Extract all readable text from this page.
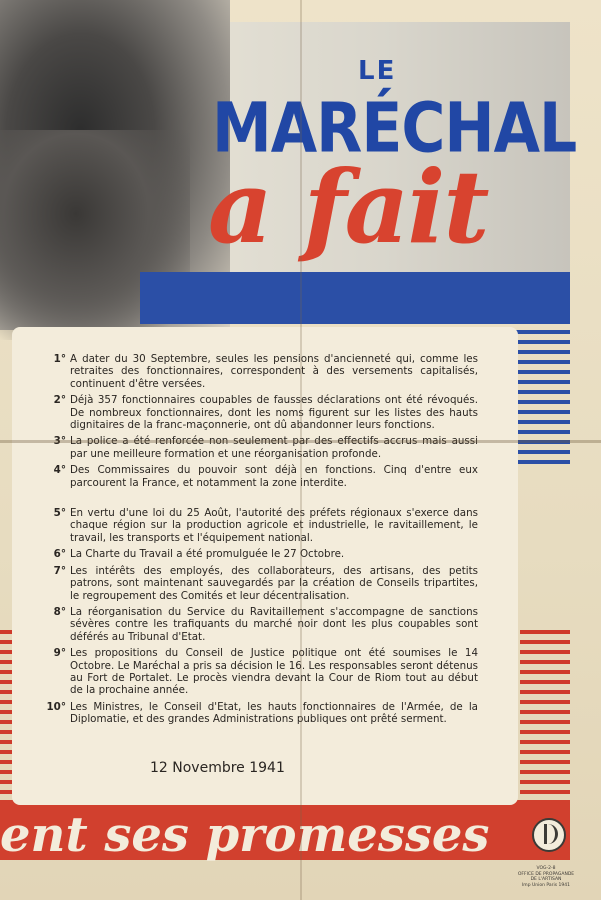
LE
MARÉCHAL
a fait
1° A dater du 30 Septembre, seules les pensions d'ancienneté qui, comme les retraites des fonctionnaires, correspondent à des versements capitalisés, continuent d'être versées.
2° Déjà 357 fonctionnaires coupables de fausses déclarations ont été révoqués. De nombreux fonctionnaires, dont les noms figurent sur les listes des hauts dignitaires de la franc-maçonnerie, ont dû abandonner leurs fonctions.
3° La police a été renforcée non seulement par des effectifs accrus mais aussi par une meilleure formation et une réorganisation profonde.
4° Des Commissaires du pouvoir sont déjà en fonctions. Cinq d'entre eux parcourent la France, et notamment la zone interdite.
5° En vertu d'une loi du 25 Août, l'autorité des préfets régionaux s'exerce dans chaque région sur la production agricole et industrielle, le ravitaillement, le travail, les transports et l'équipement national.
6° La Charte du Travail a été promulguée le 27 Octobre.
7° Les intérêts des employés, des collaborateurs, des artisans, des petits patrons, sont maintenant sauvegardés par la création de Conseils tripartites, le regroupement des Comités et leur décentralisation.
8° La réorganisation du Service du Ravitaillement s'accompagne de sanctions sévères contre les trafiquants du marché noir dont les plus coupables sont déférés au Tribunal d'Etat.
9° Les propositions du Conseil de Justice politique ont été soumises le 14 Octobre. Le Maréchal a pris sa décision le 16. Les responsables seront détenus au Fort de Portalet. Le procès viendra devant la Cour de Riom tout au début de la prochaine année.
10° Les Ministres, le Conseil d'Etat, les hauts fonctionnaires de l'Armée, de la Diplomatie, et des grandes Administrations publiques ont prêté serment.
12 Novembre 1941
ent ses promesses
VOG-2-8
OFFICE DE PROPAGANDE DE L'ARTISAN
Imp Union Paris 1941
